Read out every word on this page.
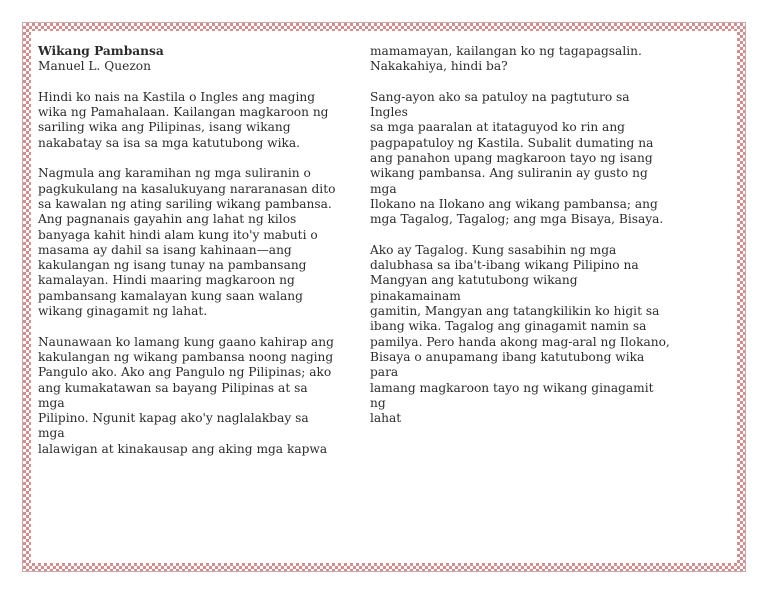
Wikang Pambansa
Manuel L. Quezon

Hindi ko nais na Kastila o Ingles ang maging
wika ng Pamahalaan. Kailangan magkaroon ng
sariling wika ang Pilipinas, isang wikang
nakabatay sa isa sa mga katutubong wika.

Nagmula ang karamihan ng mga suliranin o
pagkukulang na kasalukuyang nararanasan dito
sa kawalan ng ating sariling wikang pambansa.
Ang pagnanais gayahin ang lahat ng kilos
banyaga kahit hindi alam kung ito'y mabuti o
masama ay dahil sa isang kahinaan—ang
kakulangan ng isang tunay na pambansang
kamalayan. Hindi maaring magkaroon ng
pambansang kamalayan kung saan walang
wikang ginagamit ng lahat.

Naunawaan ko lamang kung gaano kahirap ang
kakulangan ng wikang pambansa noong naging
Pangulo ako. Ako ang Pangulo ng Pilipinas; ako
ang kumakatawan sa bayang Pilipinas at sa mga
Pilipino. Ngunit kapag ako'y naglalakbay sa mga
lalawigan at kinakausap ang aking mga kapwa

mamamayan, kailangan ko ng tagapagsalin.
Nakakahiya, hindi ba?

Sang-ayon ako sa patuloy na pagtuturo sa Ingles
sa mga paaralan at itataguyod ko rin ang
pagpapatuloy ng Kastila. Subalit dumating na
ang panahon upang magkaroon tayo ng isang
wikang pambansa. Ang suliranin ay gusto ng mga
Ilokano na Ilokano ang wikang pambansa; ang
mga Tagalog, Tagalog; ang mga Bisaya, Bisaya.

Ako ay Tagalog. Kung sasabihin ng mga
dalubhasa sa iba't-ibang wikang Pilipino na
Mangyan ang katutubong wikang pinakamainam
gamitin, Mangyan ang tatangkilikin ko higit sa
ibang wika. Tagalog ang ginagamit namin sa
pamilya. Pero handa akong mag-aral ng Ilokano,
Bisaya o anupamang ibang katutubong wika para
lamang magkaroon tayo ng wikang ginagamit ng
lahat
